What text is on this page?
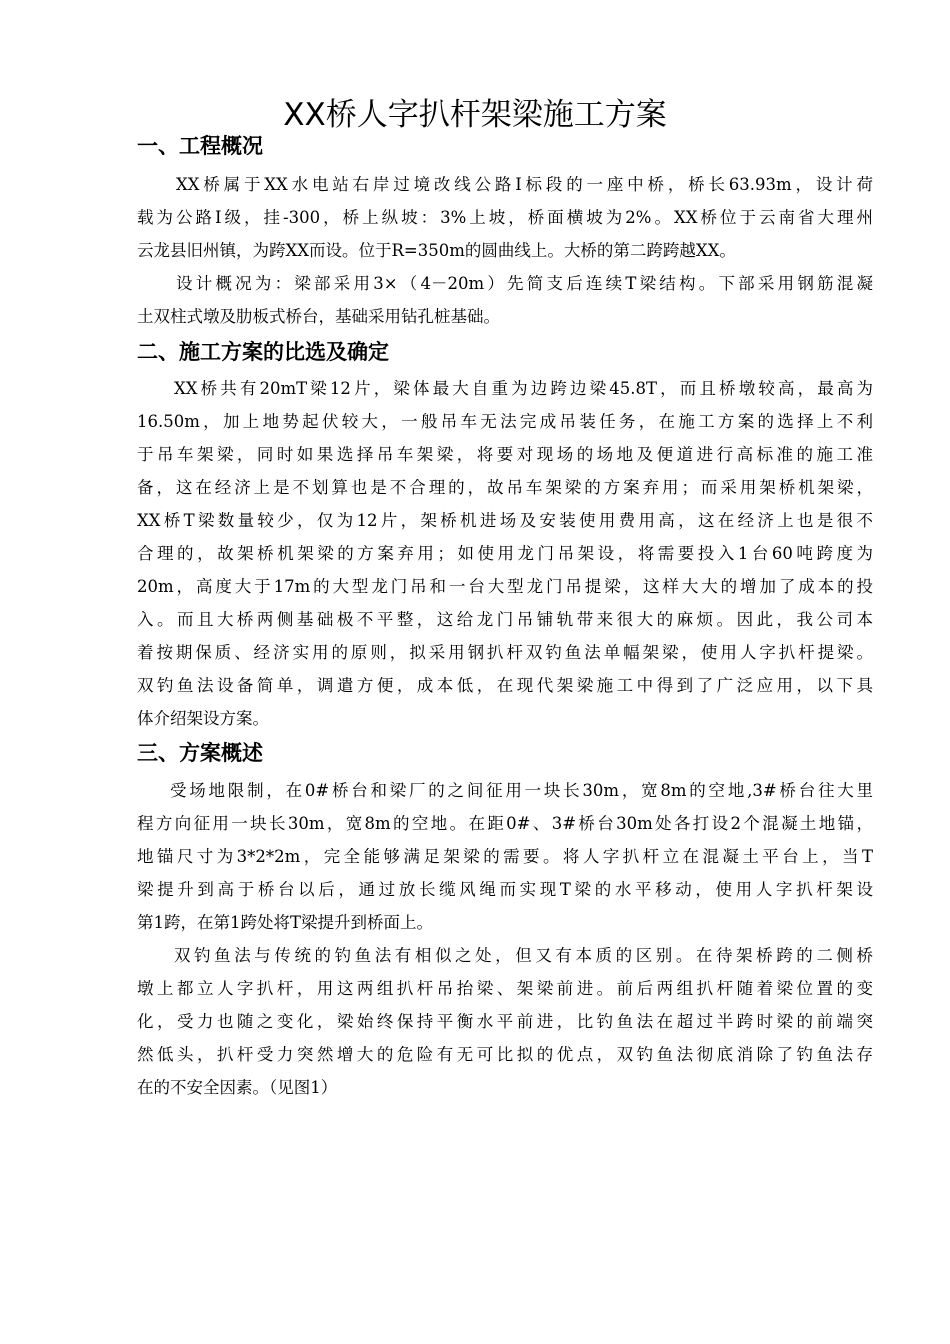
XX桥人字扒杆架梁施工方案
一、工程概况
XX桥属于XX水电站右岸过境改线公路Ⅰ标段的一座中桥，桥长63.93m，设计荷
载为公路Ⅰ级，挂-300，桥上纵坡：3%上坡，桥面横坡为2%。XX桥位于云南省大理州
云龙县旧州镇，为跨XX而设。位于R=350m的圆曲线上。大桥的第二跨跨越XX。
设计概况为：梁部采用3×（4－20m）先简支后连续T梁结构。下部采用钢筋混凝
土双柱式墩及肋板式桥台，基础采用钻孔桩基础。
二、施工方案的比选及确定
XX桥共有20mT梁12片，梁体最大自重为边跨边梁45.8T，而且桥墩较高，最高为
16.50m，加上地势起伏较大，一般吊车无法完成吊装任务，在施工方案的选择上不利
于吊车架梁，同时如果选择吊车架梁，将要对现场的场地及便道进行高标准的施工准
备，这在经济上是不划算也是不合理的，故吊车架梁的方案弃用；而采用架桥机架梁，
XX桥T梁数量较少，仅为12片，架桥机进场及安装使用费用高，这在经济上也是很不
合理的，故架桥机架梁的方案弃用；如使用龙门吊架设，将需要投入1台60吨跨度为
20m，高度大于17m的大型龙门吊和一台大型龙门吊提梁，这样大大的增加了成本的投
入。而且大桥两侧基础极不平整，这给龙门吊铺轨带来很大的麻烦。因此，我公司本
着按期保质、经济实用的原则，拟采用钢扒杆双钓鱼法单幅架梁，使用人字扒杆提梁。
双钓鱼法设备简单，调遣方便，成本低，在现代架梁施工中得到了广泛应用，以下具
体介绍架设方案。
三、方案概述
受场地限制，在0#桥台和梁厂的之间征用一块长30m，宽8m的空地,3#桥台往大里
程方向征用一块长30m，宽8m的空地。在距0#、3#桥台30m处各打设2个混凝土地锚，
地锚尺寸为3*2*2m，完全能够满足架梁的需要。将人字扒杆立在混凝土平台上，当T
梁提升到高于桥台以后，通过放长缆风绳而实现T梁的水平移动，使用人字扒杆架设
第1跨，在第1跨处将T梁提升到桥面上。
双钓鱼法与传统的钓鱼法有相似之处，但又有本质的区别。在待架桥跨的二侧桥
墩上都立人字扒杆，用这两组扒杆吊抬梁、架梁前进。前后两组扒杆随着梁位置的变
化，受力也随之变化，梁始终保持平衡水平前进，比钓鱼法在超过半跨时梁的前端突
然低头，扒杆受力突然增大的危险有无可比拟的优点，双钓鱼法彻底消除了钓鱼法存
在的不安全因素。（见图1）
